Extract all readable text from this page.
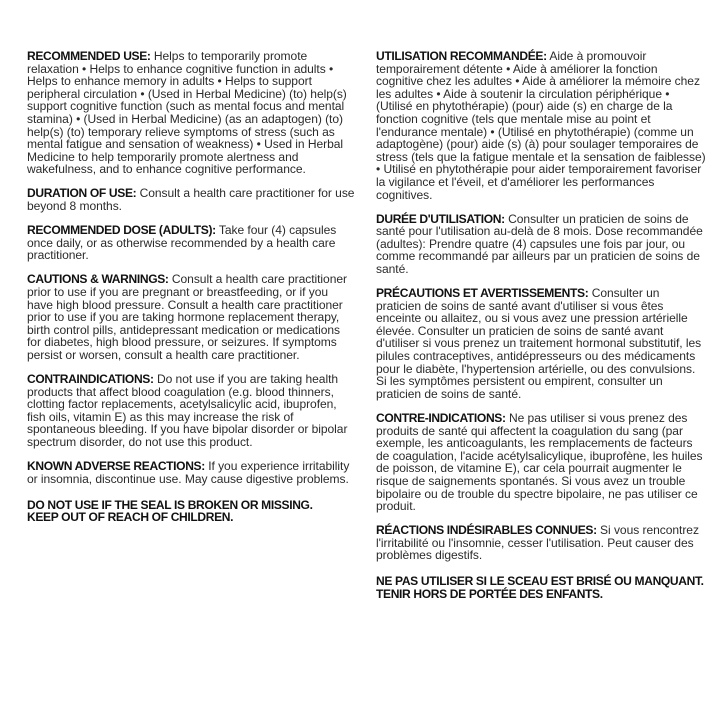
RECOMMENDED USE: Helps to temporarily promote relaxation • Helps to enhance cognitive function in adults • Helps to enhance memory in adults • Helps to support peripheral circulation • (Used in Herbal Medicine) (to) help(s) support cognitive function (such as mental focus and mental stamina) • (Used in Herbal Medicine) (as an adaptogen) (to) help(s) (to) temporary relieve symptoms of stress (such as mental fatigue and sensation of weakness) • Used in Herbal Medicine to help temporarily promote alertness and wakefulness, and to enhance cognitive performance.

DURATION OF USE: Consult a health care practitioner for use beyond 8 months.

RECOMMENDED DOSE (ADULTS): Take four (4) capsules once daily, or as otherwise recommended by a health care practitioner.

CAUTIONS & WARNINGS: Consult a health care practitioner prior to use if you are pregnant or breastfeeding, or if you have high blood pressure. Consult a health care practitioner prior to use if you are taking hormone replacement therapy, birth control pills, antidepressant medication or medications for diabetes, high blood pressure, or seizures. If symptoms persist or worsen, consult a health care practitioner.

CONTRAINDICATIONS: Do not use if you are taking health products that affect blood coagulation (e.g. blood thinners, clotting factor replacements, acetylsalicylic acid, ibuprofen, fish oils, vitamin E) as this may increase the risk of spontaneous bleeding. If you have bipolar disorder or bipolar spectrum disorder, do not use this product.

KNOWN ADVERSE REACTIONS: If you experience irritability or insomnia, discontinue use. May cause digestive problems.

DO NOT USE IF THE SEAL IS BROKEN OR MISSING.

KEEP OUT OF REACH OF CHILDREN.

UTILISATION RECOMMANDÉE: Aide à promouvoir temporairement détente • Aide à améliorer la fonction cognitive chez les adultes • Aide à améliorer la mémoire chez les adultes • Aide à soutenir la circulation périphérique • (Utilisé en phytothérapie) (pour) aide (s) en charge de la fonction cognitive (tels que mentale mise au point et l'endurance mentale) • (Utilisé en phytothérapie) (comme un adaptogène) (pour) aide (s) (à) pour soulager temporaires de stress (tels que la fatigue mentale et la sensation de faiblesse) • Utilisé en phytothérapie pour aider temporairement favoriser la vigilance et l'éveil, et d'améliorer les performances cognitives.

DURÉE D'UTILISATION: Consulter un praticien de soins de santé pour l'utilisation au-delà de 8 mois. Dose recommandée (adultes): Prendre quatre (4) capsules une fois par jour, ou comme recommandé par ailleurs par un praticien de soins de santé.

PRÉCAUTIONS ET AVERTISSEMENTS: Consulter un praticien de soins de santé avant d'utiliser si vous êtes enceinte ou allaitez, ou si vous avez une pression artérielle élevée. Consulter un praticien de soins de santé avant d'utiliser si vous prenez un traitement hormonal substitutif, les pilules contraceptives, antidépresseurs ou des médicaments pour le diabète, l'hypertension artérielle, ou des convulsions. Si les symptômes persistent ou empirent, consulter un praticien de soins de santé.

CONTRE-INDICATIONS: Ne pas utiliser si vous prenez des produits de santé qui affectent la coagulation du sang (par exemple, les anticoagulants, les remplacements de facteurs de coagulation, l'acide acétylsalicylique, ibuprofène, les huiles de poisson, de vitamine E), car cela pourrait augmenter le risque de saignements spontanés. Si vous avez un trouble bipolaire ou de trouble du spectre bipolaire, ne pas utiliser ce produit.

RÉACTIONS INDÉSIRABLES CONNUES: Si vous rencontrez l'irritabilité ou l'insomnie, cesser l'utilisation. Peut causer des problèmes digestifs.

NE PAS UTILISER SI LE SCEAU EST BRISÉ OU MANQUANT.

TENIR HORS DE PORTÉE DES ENFANTS.
